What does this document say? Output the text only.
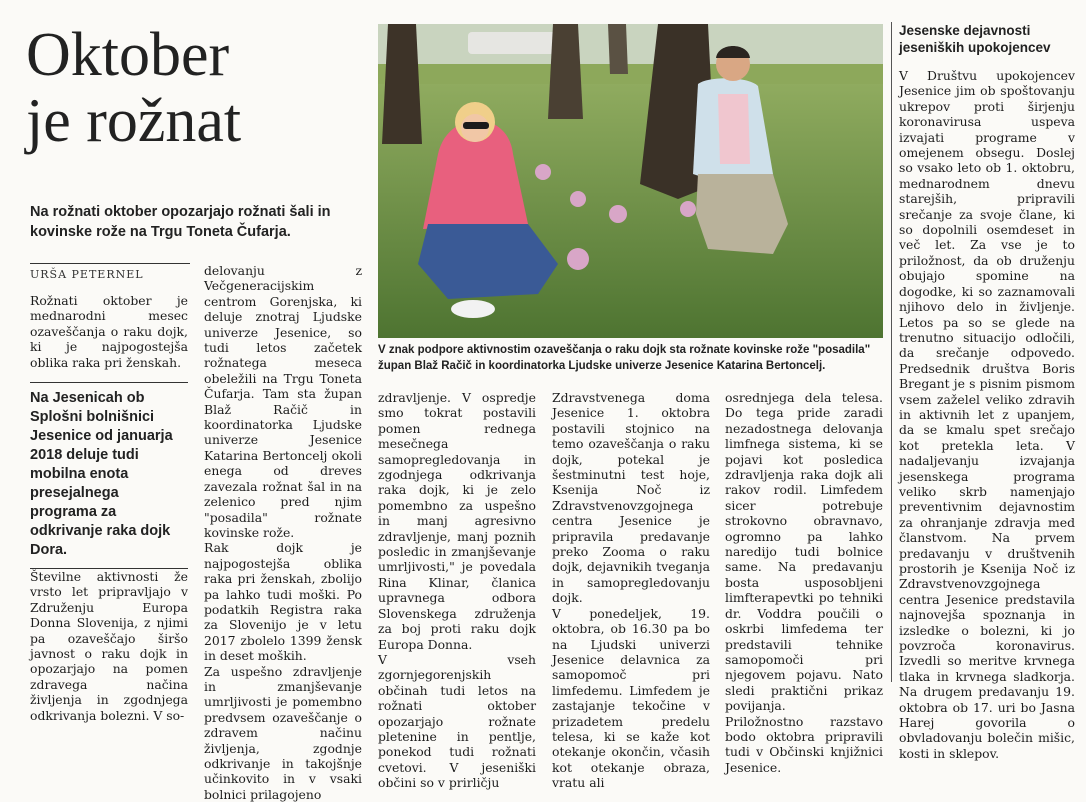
Oktober
je rožnat
Na rožnati oktober opozarjajo rožnati šali in kovinske rože na Trgu Toneta Čufarja.
URŠA PETERNEL

Rožnati oktober je mednarodni mesec ozaveščanja o raku dojk, ki je najpogostejša oblika raka pri ženskah.

Na Jesenicah ob Splošni bolnišnici Jesenice od januarja 2018 deluje tudi mobilna enota presejalnega programa za odkrivanje raka dojk Dora.

Številne aktivnosti že vrsto let pripravljajo v Združenju Europa Donna Slovenija, z njimi pa ozaveščajo širšo javnost o raku dojk in opozarjajo na pomen zdravega načina življenja in zgodnjega odkrivanja bolezni. V so-

delovanju z Večgeneracijskim centrom Gorenjska, ki deluje znotraj Ljudske univerze Jesenice, so tudi letos začetek rožnatega meseca obeležili na Trgu Toneta Čufarja. Tam sta župan Blaž Račič in koordinatorka Ljudske univerze Jesenice Katarina Bertoncelj okoli enega od dreves zavezala rožnat šal in na zelenico pred njim "posadila" rožnate kovinske rože.

Rak dojk je najpogostejša oblika raka pri ženskah, zbolijo pa lahko tudi moški. Po podatkih Registra raka za Slovenijo je v letu 2017 zbolelo 1399 žensk in deset moških.

Za uspešno zdravljenje in zmanjševanje umrljivosti je pomembno predvsem ozaveščanje o zdravem načinu življenja, zgodnje odkrivanje in takojšnje učinkovito in v vsaki bolnici prilagojeno

V znak podpore aktivnostim ozaveščanja o raku dojk sta rožnate kovinske rože "posadila" župan Blaž Račič in koordinatorka Ljudske univerze Jesenice Katarina Bertoncelj.

zdravljenje. V ospredje smo tokrat postavili pomen rednega mesečnega samopregledovanja in zgodnjega odkrivanja raka dojk, ki je zelo pomembno za uspešno in manj agresivno zdravljenje, manj poznih posledic in zmanjševanje umrljivosti," je povedala Rina Klinar, članica upravnega odbora Slovenskega združenja za boj proti raku dojk Europa Donna.

V vseh zgornjegorenjskih občinah tudi letos na rožnati oktober opozarjajo rožnate pletenine in pentlje, ponekod tudi rožnati cvetovi. V jeseniški občini so v prirličju

Zdravstvenega doma Jesenice 1. oktobra postavili stojnico na temo ozaveščanja o raku dojk, potekal je šestminutni test hoje, Ksenija Noč iz Zdravstvenovzgojnega centra Jesenice je pripravila predavanje preko Zooma o raku dojk, dejavnikih tveganja in samopregledovanju dojk.

V ponedeljek, 19. oktobra, ob 16.30 pa bo na Ljudski univerzi Jesenice delavnica za samopomoč pri limfedemu. Limfedem je zastajanje tekočine v prizadetem predelu telesa, ki se kaže kot otekanje okončin, včasih kot otekanje obraza, vratu ali

osrednjega dela telesa. Do tega pride zaradi nezadostnega delovanja limfnega sistema, ki se pojavi kot posledica zdravljenja raka dojk ali rakov rodil. Limfedem sicer potrebuje strokovno obravnavo, ogromno pa lahko naredijo tudi bolnice same. Na predavanju bosta usposobljeni limfterapevtki po tehniki dr. Voddra poučili o oskrbi limfedema ter predstavili tehnike samopomoči pri njegovem pojavu. Nato sledi praktični prikaz povijanja.

Priložnostno razstavo bodo oktobra pripravili tudi v Občinski knjižnici Jesenice.

Jesenske dejavnosti jeseniških upokojencev

V Društvu upokojencev Jesenice jim ob spoštovanju ukrepov proti širjenju koronavirusa uspeva izvajati programe v omejenem obsegu. Doslej so vsako leto ob 1. oktobru, mednarodnem dnevu starejših, pripravili srečanje za svoje člane, ki so dopolnili osemdeset in več let. Za vse je to priložnost, da ob druženju obujajo spomine na dogodke, ki so zaznamovali njihovo delo in življenje. Letos pa so se glede na trenutno situacijo odločili, da srečanje odpovedo. Predsednik društva Boris Bregant je s pisnim pismom vsem zaželel veliko zdravih in aktivnih let z upanjem, da se kmalu spet srečajo kot pretekla leta. V nadaljevanju izvajanja jesenskega programa veliko skrb namenjajo preventivnim dejavnostim za ohranjanje zdravja med članstvom. Na prvem predavanju v društvenih prostorih je Ksenija Noč iz Zdravstvenovzgojnega centra Jesenice predstavila najnovejša spoznanja in izsledke o bolezni, ki jo povzroča koronavirus. Izvedli so meritve krvnega tlaka in krvnega sladkorja. Na drugem predavanju 19. oktobra ob 17. uri bo Jasna Harej govorila o obvladovanju bolečin mišic, kosti in sklepov.
